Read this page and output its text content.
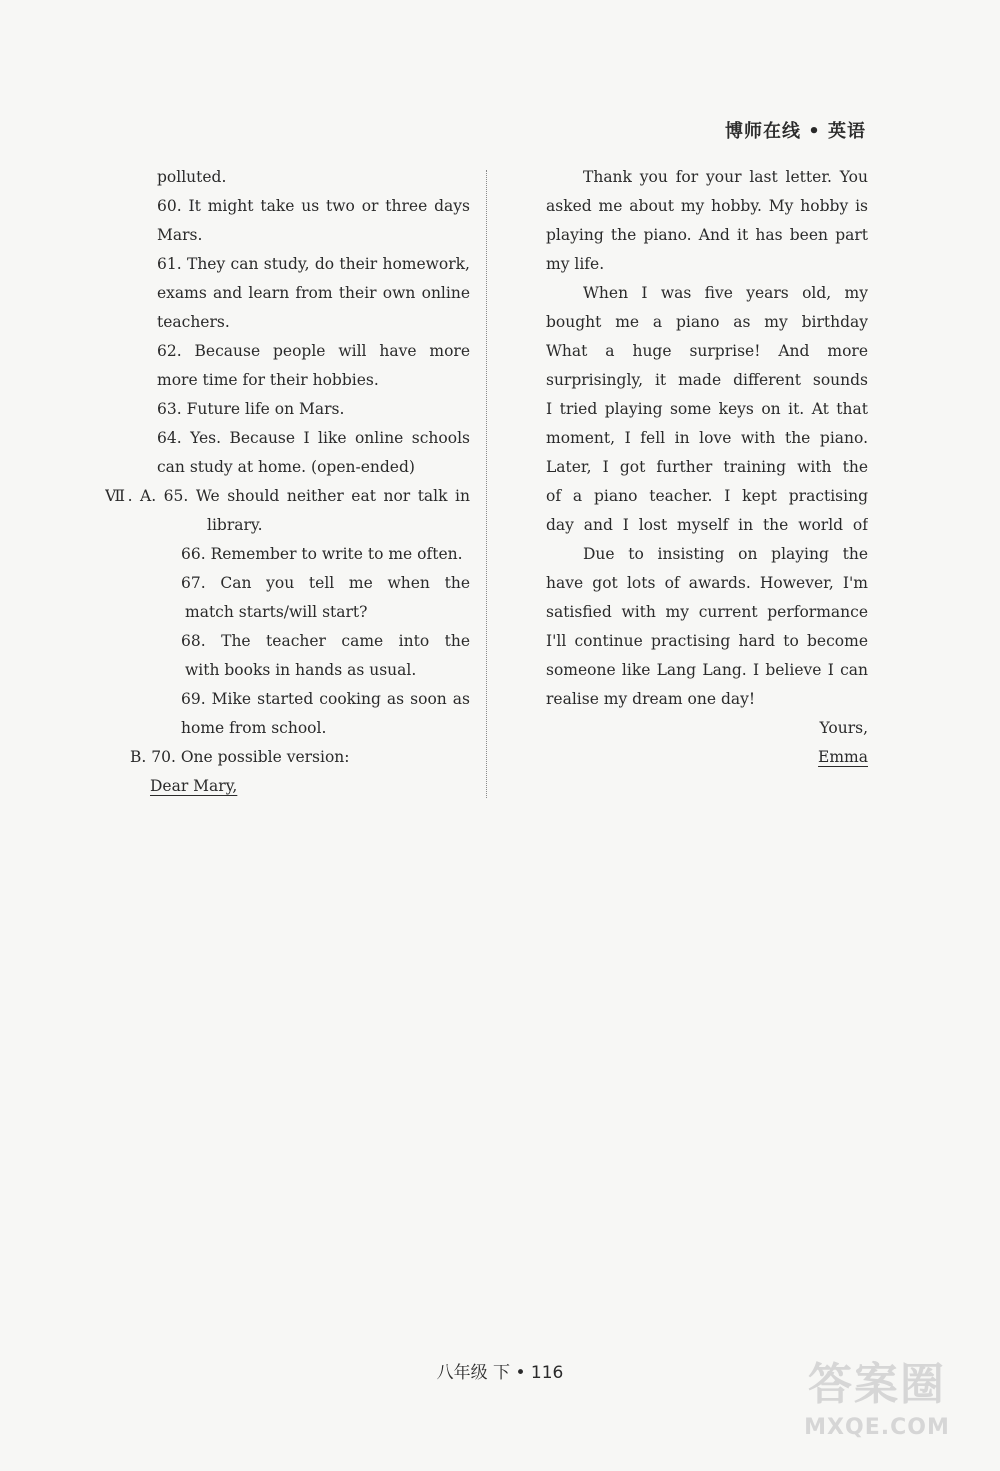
博师在线 • 英语
polluted.
60. It might take us two or three days
Mars.
61. They can study, do their homework,
exams and learn from their own online
teachers.
62. Because people will have more
more time for their hobbies.
63. Future life on Mars.
64. Yes. Because I like online schools
can study at home. (open-ended)
Ⅶ. A. 65. We should neither eat nor talk in
library.
66. Remember to write to me often.
67. Can you tell me when the
match starts/will start?
68. The teacher came into the
with books in hands as usual.
69. Mike started cooking as soon as
home from school.
B. 70. One possible version:
Dear Mary,
Thank you for your last letter. You
asked me about my hobby. My hobby is
playing the piano. And it has been part
my life.
When I was five years old, my
bought me a piano as my birthday
What a huge surprise! And more
surprisingly, it made different sounds
I tried playing some keys on it. At that
moment, I fell in love with the piano.
Later, I got further training with the
of a piano teacher. I kept practising
day and I lost myself in the world of
Due to insisting on playing the
have got lots of awards. However, I'm
satisfied with my current performance
I'll continue practising hard to become
someone like Lang Lang. I believe I can
realise my dream one day!
Yours,
Emma
八年级 下 • 116	答案圈
MXQE.COM
